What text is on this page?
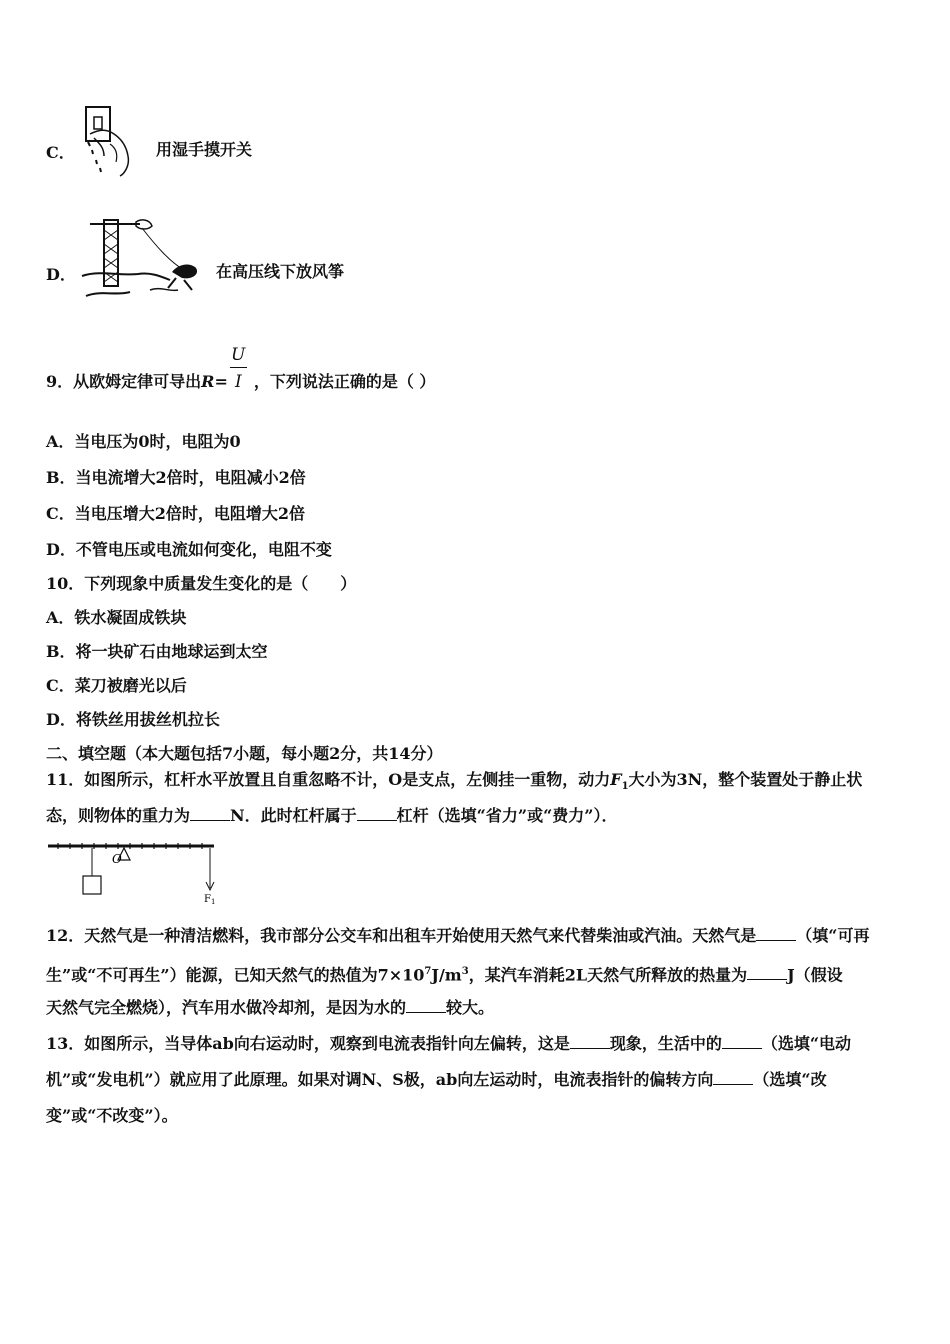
C．	用湿手摸开关
D．	在高压线下放风筝
9．从欧姆定律可导出R= ，下列说法正确的是（ ）
U
I
A．当电压为0时，电阻为0
B．当电流增大2倍时，电阻减小2倍
C．当电压增大2倍时，电阻增大2倍
D．不管电压或电流如何变化，电阻不变
10．下列现象中质量发生变化的是（　　）
A．铁水凝固成铁块
B．将一块矿石由地球运到太空
C．菜刀被磨光以后
D．将铁丝用拔丝机拉长
二、填空题（本大题包括7小题，每小题2分，共14分）
11．如图所示，杠杆水平放置且自重忽略不计，O是支点，左侧挂一重物，动力$F_1$大小为3N，整个装置处于静止状
态，则物体的重力为	N．此时杠杆属于	杠杆（选填“省力”或“费力”）．
O
$F_1$
12．天然气是一种清洁燃料，我市部分公交车和出租车开始使用天然气来代替柴油或汽油。天然气是	（填“可再
生”或“不可再生”）能源，已知天然气的热值为$7\times 10^7J/m^3$，某汽车消耗2L天然气所释放的热量为	J（假设
天然气完全燃烧），汽车用水做冷却剂，是因为水的	较大。
13．如图所示，当导体ab向右运动时，观察到电流表指针向左偏转，这是	现象，生活中的	（选填“电动
机”或“发电机”）就应用了此原理。如果对调N、S极，ab向左运动时，电流表指针的偏转方向	（选填“改
变”或“不改变”）。
